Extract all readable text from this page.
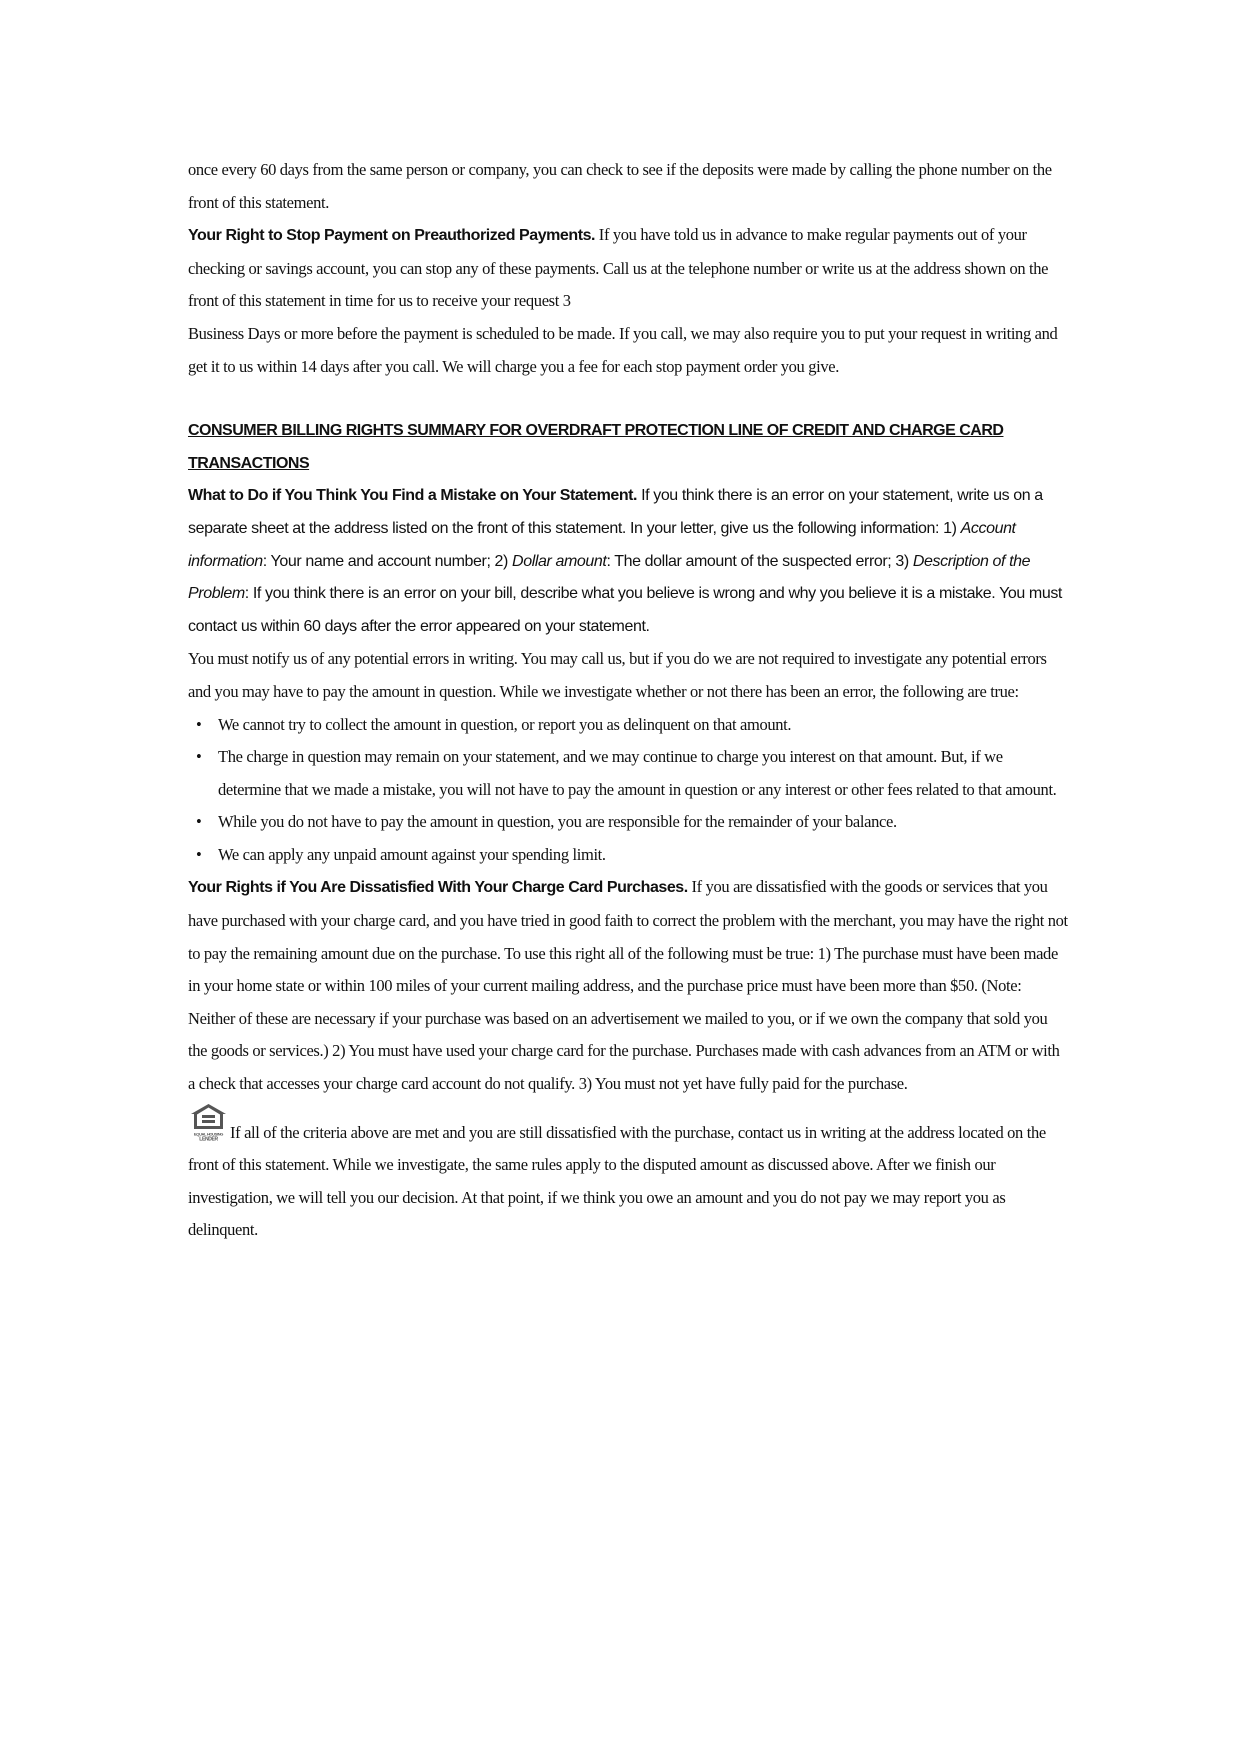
once every 60 days from the same person or company, you can check to see if the deposits were made by calling the phone number on the front of this statement.

Your Right to Stop Payment on Preauthorized Payments. If you have told us in advance to make regular payments out of your checking or savings account, you can stop any of these payments. Call us at the telephone number or write us at the address shown on the front of this statement in time for us to receive your request 3

Business Days or more before the payment is scheduled to be made. If you call, we may also require you to put your request in writing and get it to us within 14 days after you call. We will charge you a fee for each stop payment order you give.

CONSUMER BILLING RIGHTS SUMMARY FOR OVERDRAFT PROTECTION LINE OF CREDIT AND CHARGE CARD TRANSACTIONS

What to Do if You Think You Find a Mistake on Your Statement. If you think there is an error on your statement, write us on a separate sheet at the address listed on the front of this statement. In your letter, give us the following information: 1) Account information: Your name and account number; 2) Dollar amount: The dollar amount of the suspected error; 3) Description of the Problem: If you think there is an error on your bill, describe what you believe is wrong and why you believe it is a mistake. You must contact us within 60 days after the error appeared on your statement.

You must notify us of any potential errors in writing. You may call us, but if you do we are not required to investigate any potential errors and you may have to pay the amount in question. While we investigate whether or not there has been an error, the following are true:

• We cannot try to collect the amount in question, or report you as delinquent on that amount.
• The charge in question may remain on your statement, and we may continue to charge you interest on that amount. But, if we determine that we made a mistake, you will not have to pay the amount in question or any interest or other fees related to that amount.
• While you do not have to pay the amount in question, you are responsible for the remainder of your balance.
• We can apply any unpaid amount against your spending limit.

Your Rights if You Are Dissatisfied With Your Charge Card Purchases. If you are dissatisfied with the goods or services that you have purchased with your charge card, and you have tried in good faith to correct the problem with the merchant, you may have the right not to pay the remaining amount due on the purchase. To use this right all of the following must be true: 1) The purchase must have been made in your home state or within 100 miles of your current mailing address, and the purchase price must have been more than $50. (Note: Neither of these are necessary if your purchase was based on an advertisement we mailed to you, or if we own the company that sold you the goods or services.) 2) You must have used your charge card for the purchase. Purchases made with cash advances from an ATM or with a check that accesses your charge card account do not qualify. 3) You must not yet have fully paid for the purchase.

EQUAL HOUSING
LENDER If all of the criteria above are met and you are still dissatisfied with the purchase, contact us in writing at the address located on the front of this statement. While we investigate, the same rules apply to the disputed amount as discussed above. After we finish our investigation, we will tell you our decision. At that point, if we think you owe an amount and you do not pay we may report you as delinquent.
